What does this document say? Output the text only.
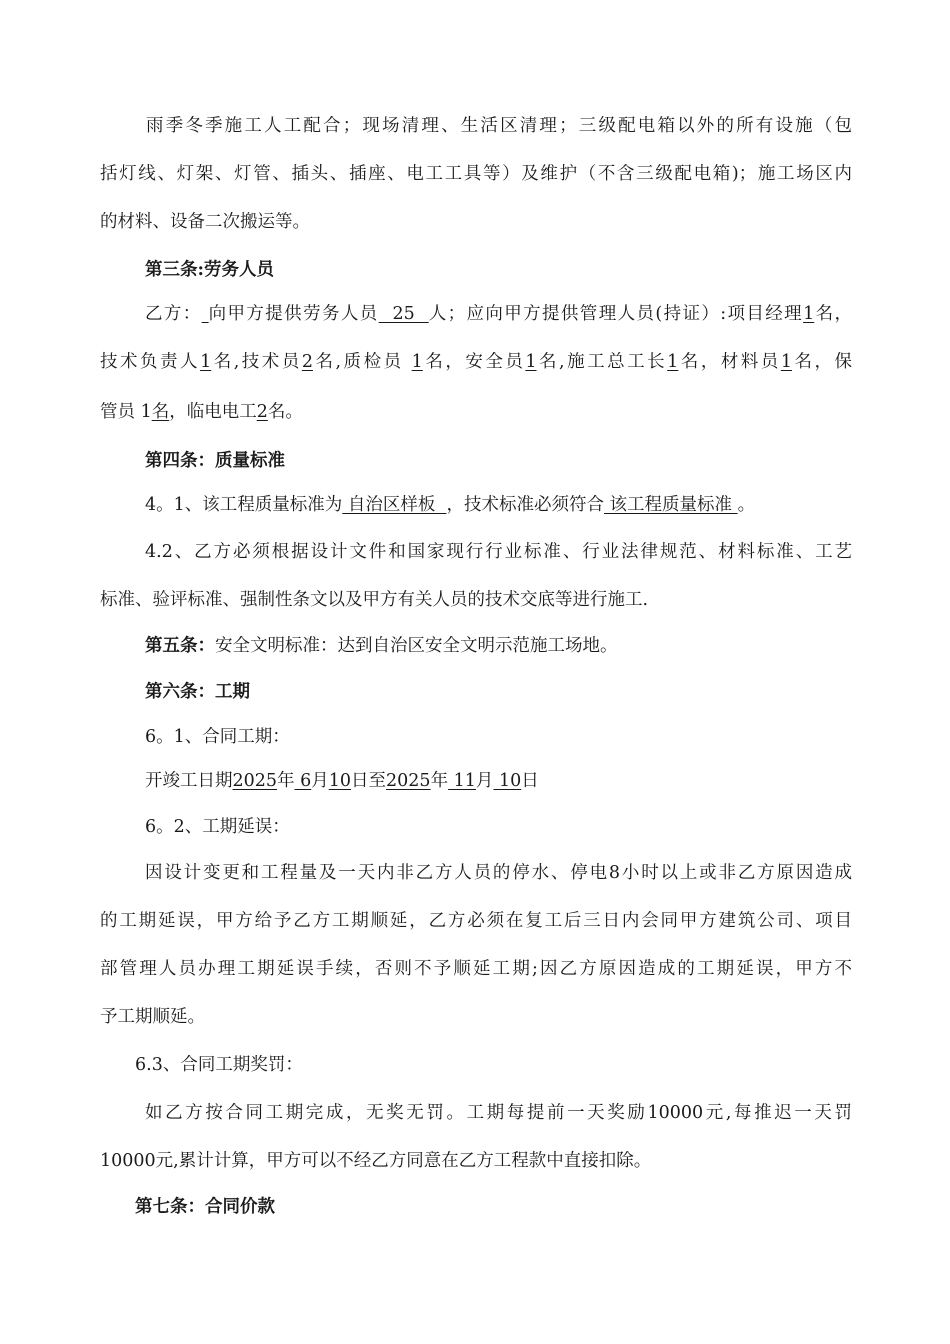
雨季冬季施工人工配合；现场清理、生活区清理；三级配电箱以外的所有设施（包
括灯线、灯架、灯管、插头、插座、电工工具等）及维护（不含三级配电箱)；施工场区内
的材料、设备二次搬运等。
第三条:劳务人员
乙方： 向甲方提供劳务人员  25  人；应向甲方提供管理人员(持证）:项目经理1名，
技术负责人1名,技术员2名,质检员 1名，安全员1名,施工总工长1名，材料员1名，保
管员 1名，临电电工2名。
第四条：质量标准
4。1、该工程质量标准为 自治区样板  ，技术标准必须符合 该工程质量标准 。
4.2、乙方必须根据设计文件和国家现行行业标准、行业法律规范、材料标准、工艺
标准、验评标准、强制性条文以及甲方有关人员的技术交底等进行施工.
第五条：安全文明标准：达到自治区安全文明示范施工场地。
第六条：工期
6。1、合同工期：
开竣工日期2025年 6月10日至2025年 11月 10日
6。2、工期延误：
因设计变更和工程量及一天内非乙方人员的停水、停电8小时以上或非乙方原因造成
的工期延误，甲方给予乙方工期顺延，乙方必须在复工后三日内会同甲方建筑公司、项目
部管理人员办理工期延误手续，否则不予顺延工期;因乙方原因造成的工期延误，甲方不
予工期顺延。
6.3、合同工期奖罚：
如乙方按合同工期完成，无奖无罚。工期每提前一天奖励10000元,每推迟一天罚
10000元,累计计算，甲方可以不经乙方同意在乙方工程款中直接扣除。
第七条：合同价款
